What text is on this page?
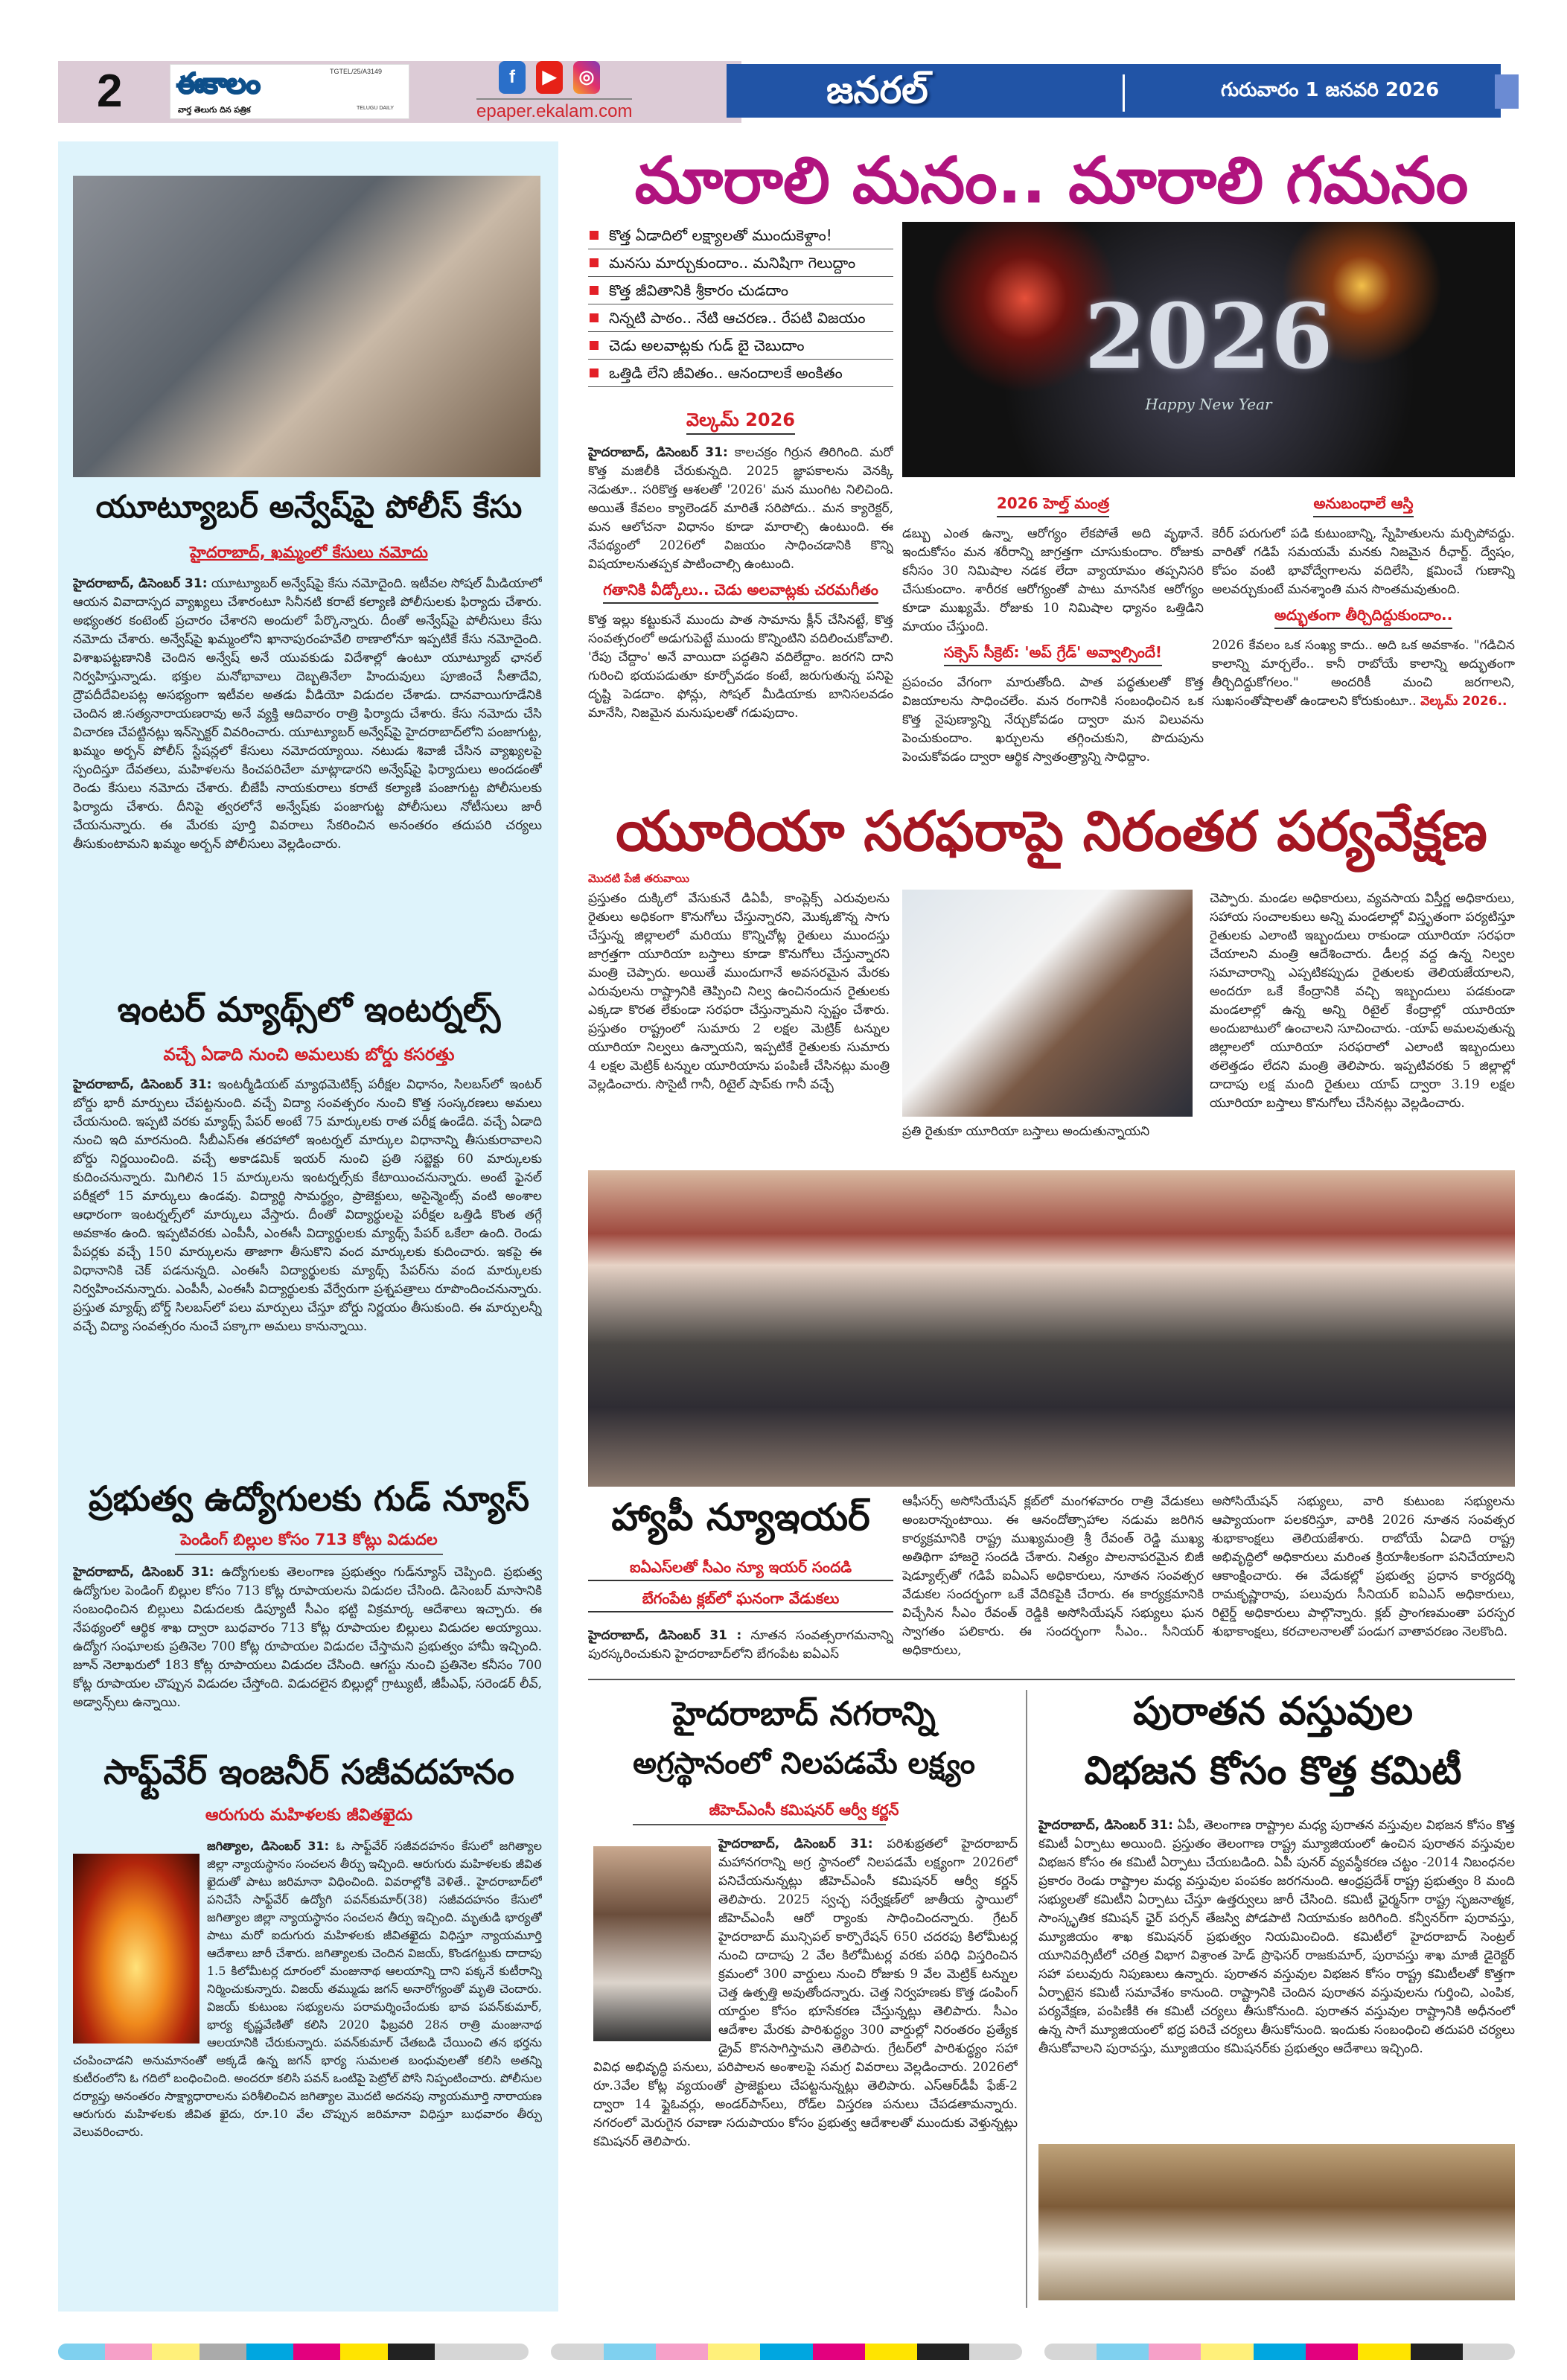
2 ఈకాలం	TGTEL/25/A3149
వార్త తెలుగు దిన పత్రిక	TELUGU DAILY
f	▶	◎
epaper.ekalam.com	జనరల్	గురువారం 1 జనవరి 2026
యూట్యూబర్ అన్వేష్‌పై పోలీస్ కేసు
హైదరాబాద్, ఖమ్మంలో కేసులు నమోదు
హైదరాబాద్, డిసెంబర్ 31: యూట్యూబర్ అన్వేష్‌పై కేసు నమోదైంది. ఇటీవల సోషల్ మీడియాలో ఆయన వివాదాస్పద వ్యాఖ్యలు చేశారంటూ సినీనటి కరాటే కల్యాణి పోలీసులకు ఫిర్యాదు చేశారు. అభ్యంతర కంటెంట్ ప్రచారం చేశారని అందులో పేర్కొన్నారు. దీంతో అన్వేష్‌పై పోలీసులు కేసు నమోదు చేశారు. అన్వేష్‌పై ఖమ్మంలోని ఖానాపురంహవేలి ఠాణాలోనూ ఇప్పటికే కేసు నమోదైంది. విశాఖపట్టణానికి చెందిన అన్వేష్ అనే యువకుడు విదేశాల్లో ఉంటూ యూట్యూబ్ ఛానల్ నిర్వహిస్తున్నాడు. భక్తుల మనోభావాలు దెబ్బతినేలా హిందువులు పూజించే సీతాదేవి, ద్రౌపదీదేవిలపట్ల అసభ్యంగా ఇటీవల అతడు వీడియో విడుదల చేశాడు. దానవాయిగూడేనికి చెందిన జి.సత్యనారాయణరావు అనే వ్యక్తి ఆదివారం రాత్రి ఫిర్యాదు చేశారు. కేసు నమోదు చేసి విచారణ చేపట్టినట్లు ఇన్‌స్పెక్టర్ వివరించారు. యూట్యూబర్ అన్వేష్‌పై హైదరాబాద్‌లోని పంజాగుట్ట, ఖమ్మం అర్బన్ పోలీస్ స్టేషన్లలో కేసులు నమోదయ్యాయి. నటుడు శివాజీ చేసిన వ్యాఖ్యలపై స్పందిస్తూ దేవతలు, మహిళలను కించపరిచేలా మాట్లాడారని అన్వేష్‌పై ఫిర్యాదులు అందడంతో రెండు కేసులు నమోదు చేశారు. బీజేపీ నాయకురాలు కరాటే కల్యాణి పంజాగుట్ట పోలీసులకు ఫిర్యాదు చేశారు. దీనిపై త్వరలోనే అన్వేష్‌కు పంజాగుట్ట పోలీసులు నోటీసులు జారీ చేయనున్నారు. ఈ మేరకు పూర్తి వివరాలు సేకరించిన అనంతరం తదుపరి చర్యలు తీసుకుంటామని ఖమ్మం అర్బన్ పోలీసులు వెల్లడించారు.
ఇంటర్ మ్యాథ్స్‌లో ఇంటర్నల్స్
వచ్చే ఏడాది నుంచి అమలుకు బోర్డు కసరత్తు
హైదరాబాద్, డిసెంబర్ 31: ఇంటర్మీడియట్ మ్యాథమెటిక్స్ పరీక్షల విధానం, సిలబస్‌లో ఇంటర్ బోర్డు భారీ మార్పులు చేపట్టనుంది. వచ్చే విద్యా సంవత్సరం నుంచి కొత్త సంస్కరణలు అమలు చేయనుంది. ఇప్పటి వరకు మ్యాథ్స్ పేపర్ అంటే 75 మార్కులకు రాత పరీక్ష ఉండేది. వచ్చే ఏడాది నుంచి ఇది మారనుంది. సీబీఎస్‌ఈ తరహాలో ఇంటర్నల్ మార్కుల విధానాన్ని తీసుకురావాలని బోర్డు నిర్ణయించింది. వచ్చే అకాడమిక్ ఇయర్ నుంచి ప్రతి సబ్జెక్టు 60 మార్కులకు కుదించనున్నారు. మిగిలిన 15 మార్కులను ఇంటర్నల్స్‌కు కేటాయించనున్నారు. అంటే ఫైనల్ పరీక్షలో 15 మార్కులు ఉండవు. విద్యార్థి సామర్థ్యం, ప్రాజెక్టులు, అసైన్మెంట్స్ వంటి అంశాల ఆధారంగా ఇంటర్నల్స్‌లో మార్కులు వేస్తారు. దీంతో విద్యార్థులపై పరీక్షల ఒత్తిడి కొంత తగ్గే అవకాశం ఉంది. ఇప్పటివరకు ఎంపీసీ, ఎంఈసీ విద్యార్థులకు మ్యాథ్స్ పేపర్ ఒకేలా ఉంది. రెండు పేపర్లకు వచ్చే 150 మార్కులను తాజాగా తీసుకొని వంద మార్కులకు కుదించారు. ఇకపై ఈ విధానానికి చెక్ పడనున్నది. ఎంఈసీ విద్యార్థులకు మ్యాథ్స్ పేపర్‌ను వంద మార్కులకు నిర్వహించనున్నారు. ఎంపీసీ, ఎంఈసీ విద్యార్థులకు వేర్వేరుగా ప్రశ్నపత్రాలు రూపొందించనున్నారు. ప్రస్తుత మ్యాథ్స్ బోర్డ్ సిలబస్‌లో పలు మార్పులు చేస్తూ బోర్డు నిర్ణయం తీసుకుంది. ఈ మార్పులన్నీ వచ్చే విద్యా సంవత్సరం నుంచే పక్కాగా అమలు కానున్నాయి.
ప్రభుత్వ ఉద్యోగులకు గుడ్ న్యూస్
పెండింగ్ బిల్లుల కోసం 713 కోట్లు విడుదల
హైదరాబాద్, డిసెంబర్ 31: ఉద్యోగులకు తెలంగాణ ప్రభుత్వం గుడ్‌న్యూస్ చెప్పింది. ప్రభుత్వ ఉద్యోగుల పెండింగ్ బిల్లుల కోసం 713 కోట్ల రూపాయలను విడుదల చేసింది. డిసెంబర్ మాసానికి సంబంధించిన బిల్లులు విడుదలకు డిప్యూటీ సీఎం భట్టి విక్రమార్క ఆదేశాలు ఇచ్చారు. ఈ నేపథ్యంలో ఆర్థిక శాఖ ద్వారా బుధవారం 713 కోట్ల రూపాయల బిల్లులు విడుదల అయ్యాయి. ఉద్యోగ సంఘాలకు ప్రతినెల 700 కోట్ల రూపాయల విడుదల చేస్తామని ప్రభుత్వం హామీ ఇచ్చింది. జూన్ నెలాఖరులో 183 కోట్ల రూపాయలు విడుదల చేసింది. ఆగస్టు నుంచి ప్రతినెల కనీసం 700 కోట్ల రూపాయల చొప్పున విడుదల చేస్తోంది. విడుదలైన బిల్లుల్లో గ్రాట్యుటీ, జీపీఎఫ్, సరెండర్ లీవ్, అడ్వాన్స్‌లు ఉన్నాయి.
సాఫ్ట్‌వేర్ ఇంజనీర్ సజీవదహనం
ఆరుగురు మహిళలకు జీవితఖైదు
జగిత్యాల, డిసెంబర్ 31: ఓ సాఫ్ట్‌వేర్ సజీవదహనం కేసులో జగిత్యాల జిల్లా న్యాయస్థానం సంచలన తీర్పు ఇచ్చింది. ఆరుగురు మహిళలకు జీవిత ఖైదుతో పాటు జరిమానా విధించింది. వివరాల్లోకి వెళితే.. హైదరాబాద్‌లో పనిచేసే సాఫ్ట్‌వేర్ ఉద్యోగి పవన్‌కుమార్(38) సజీవదహనం కేసులో జగిత్యాల జిల్లా న్యాయస్థానం సంచలన తీర్పు ఇచ్చింది. మృతుడి భార్యతో పాటు మరో ఐదుగురు మహిళలకు జీవితఖైదు విధిస్తూ న్యాయమూర్తి ఆదేశాలు జారీ చేశారు. జగిత్యాలకు చెందిన విజయ్‌, కొండగట్టుకు దాదాపు 1.5 కిలోమీటర్ల దూరంలో మంజునాథ ఆలయాన్ని దాని పక్కనే కుటీరాన్ని నిర్మించుకున్నారు. విజయ్ తమ్ముడు జగన్ అనారోగ్యంతో మృతి చెందారు. విజయ్ కుటుంబ సభ్యులను పరామర్శించేందుకు భావ పవన్‌కుమార్, భార్య కృష్ణవేణితో కలిసి 2020 ఫిబ్రవరి 28న రాత్రి మంజునాథ ఆలయానికి చేరుకున్నారు. పవన్‌కుమార్ చేతబడి చేయించి తన భర్తను చంపించాడని అనుమానంతో అక్కడే ఉన్న జగన్ భార్య సుమలత బంధువులతో కలిసి అతన్ని కుటీరంలోని ఓ గదిలో బంధించింది. అందరూ కలిసి పవన్ ఒంటిపై పెట్రోల్ పోసి నిప్పంటించారు. పోలీసుల దర్యాప్తు అనంతరం సాక్ష్యాధారాలను పరిశీలించిన జగిత్యాల మొదటి అదనపు న్యాయమూర్తి నారాయణ ఆరుగురు మహిళలకు జీవిత ఖైదు, రూ.10 వేల చొప్పున జరిమానా విధిస్తూ బుధవారం తీర్పు వెలువరించారు.
మారాలి మనం.. మారాలి గమనం
కొత్త ఏడాదిలో లక్ష్యాలతో ముందుకెళ్దాం!
మనసు మార్చుకుందాం.. మనిషిగా గెలుద్దాం
కొత్త జీవితానికి శ్రీకారం చుడదాం
నిన్నటి పాఠం.. నేటి ఆచరణ.. రేపటి విజయం
చెడు అలవాట్లకు గుడ్ బై చెబుదాం
ఒత్తిడి లేని జీవితం.. ఆనందాలకే అంకితం	2026
Happy New Year
వెల్కమ్ 2026
హైదరాబాద్, డిసెంబర్ 31: కాలచక్రం గిర్రున తిరిగింది. మరో కొత్త మజిలీకి చేరుకున్నది. 2025 జ్ఞాపకాలను వెనక్కి నెడుతూ.. సరికొత్త ఆశలతో '2026' మన ముంగిట నిలిచింది. అయితే కేవలం క్యాలెండర్ మారితే సరిపోదు.. మన క్యారెక్టర్, మన ఆలోచనా విధానం కూడా మారాల్సి ఉంటుంది. ఈ నేపథ్యంలో 2026లో విజయం సాధించడానికి కొన్ని విషయాలనుతప్పక పాటించాల్సి ఉంటుంది.
గతానికి వీడ్కోలు.. చెడు అలవాట్లకు చరమగీతం
కొత్త ఇల్లు కట్టుకునే ముందు పాత సామాను క్లీన్ చేసినట్టే, కొత్త సంవత్సరంలో అడుగుపెట్టే ముందు కొన్నింటిని వదిలించుకోవాలి. 'రేపు చేద్దాం' అనే వాయిదా పద్ధతిని వదిలేద్దాం. జరగని దాని గురించి భయపడుతూ కూర్చోవడం కంటే, జరుగుతున్న పనిపై దృష్టి పెడదాం. ఫోన్లు, సోషల్ మీడియాకు బానిసలవడం మానేసి, నిజమైన మనుషులతో గడుపుదాం.
2026 హెల్త్ మంత్ర
డబ్బు ఎంత ఉన్నా, ఆరోగ్యం లేకపోతే అది వృథానే. ఇందుకోసం మన శరీరాన్ని జాగ్రత్తగా చూసుకుందాం. రోజుకు కనీసం 30 నిమిషాల నడక లేదా వ్యాయామం తప్పనిసరి చేసుకుందాం. శారీరక ఆరోగ్యంతో పాటు మానసిక ఆరోగ్యం కూడా ముఖ్యమే. రోజుకు 10 నిమిషాల ధ్యానం ఒత్తిడిని మాయం చేస్తుంది.
సక్సెస్ సీక్రెట్: 'అప్ గ్రేడ్' అవ్వాల్సిందే!
ప్రపంచం వేగంగా మారుతోంది. పాత పద్ధతులతో కొత్త విజయాలను సాధించలేం. మన రంగానికి సంబంధించిన ఒక కొత్త నైపుణ్యాన్ని నేర్చుకోవడం ద్వారా మన విలువను పెంచుకుందాం. ఖర్చులను తగ్గించుకుని, పొదుపును పెంచుకోవడం ద్వారా ఆర్థిక స్వాతంత్ర్యాన్ని సాధిద్దాం.
అనుబంధాలే ఆస్తి
కెరీర్ పరుగులో పడి కుటుంబాన్ని, స్నేహితులను మర్చిపోవద్దు. వారితో గడిపే సమయమే మనకు నిజమైన రీఛార్జ్. ద్వేషం, కోపం వంటి భావోద్వేగాలను వదిలేసి, క్షమించే గుణాన్ని అలవర్చుకుంటే మనశ్శాంతి మన సొంతమవుతుంది.
అద్భుతంగా తీర్చిదిద్దుకుందాం..
2026 కేవలం ఒక సంఖ్య కాదు.. అది ఒక అవకాశం. "గడిచిన కాలాన్ని మార్చలేం.. కానీ రాబోయే కాలాన్ని అద్భుతంగా తీర్చిదిద్దుకోగలం." అందరికీ మంచి జరగాలని, సుఖసంతోషాలతో ఉండాలని కోరుకుంటూ.. వెల్కమ్ 2026..
యూరియా సరఫరాపై నిరంతర పర్యవేక్షణ
మొదటి పేజీ తరువాయి
ప్రస్తుతం దుక్కిలో వేసుకునే డిఏపీ, కాంప్లెక్స్ ఎరువులను రైతులు అధికంగా కొనుగోలు చేస్తున్నారని, మొక్కజొన్న సాగు చేస్తున్న జిల్లాలలో మరియు కొన్నిచోట్ల రైతులు ముందస్తు జాగ్రత్తగా యూరియా బస్తాలు కూడా కొనుగోలు చేస్తున్నారని మంత్రి చెప్పారు. అయితే ముందుగానే అవసరమైన మేరకు ఎరువులను రాష్ట్రానికి తెప్పించి నిల్వ ఉంచినందున రైతులకు ఎక్కడా కొరత లేకుండా సరఫరా చేస్తున్నామని స్పష్టం చేశారు. ప్రస్తుతం రాష్ట్రంలో సుమారు 2 లక్షల మెట్రిక్ టన్నుల యూరియా నిల్వలు ఉన్నాయని, ఇప్పటికే రైతులకు సుమారు 4 లక్షల మెట్రిక్ టన్నుల యూరియాను పంపిణీ చేసినట్లు మంత్రి వెల్లడించారు. సొసైటీ గానీ, రిటైల్ షాప్‌కు గానీ వచ్చే
ప్రతి రైతుకూ యూరియా బస్తాలు అందుతున్నాయని
చెప్పారు. మండల అధికారులు, వ్యవసాయ విస్తీర్ణ అధికారులు, సహాయ సంచాలకులు అన్ని మండలాల్లో విస్తృతంగా పర్యటిస్తూ రైతులకు ఎలాంటి ఇబ్బందులు రాకుండా యూరియా సరఫరా చేయాలని మంత్రి ఆదేశించారు. డీలర్ల వద్ద ఉన్న నిల్వల సమాచారాన్ని ఎప్పటికప్పుడు రైతులకు తెలియజేయాలని, అందరూ ఒకే కేంద్రానికి వచ్చి ఇబ్బందులు పడకుండా మండలాల్లో ఉన్న అన్ని రిటైల్ కేంద్రాల్లో యూరియా అందుబాటులో ఉంచాలని సూచించారు. -యాప్ అమలవుతున్న జిల్లాలలో యూరియా సరఫరాలో ఎలాంటి ఇబ్బందులు తలెత్తడం లేదని మంత్రి తెలిపారు. ఇప్పటివరకు 5 జిల్లాల్లో దాదాపు లక్ష మంది రైతులు యాప్ ద్వారా 3.19 లక్షల యూరియా బస్తాలు కొనుగోలు చేసినట్లు వెల్లడించారు.
హ్యాపీ న్యూఇయర్
ఐఏఎస్‌లతో సీఎం న్యూ ఇయర్ సందడి
బేగంపేట క్లబ్‌లో ఘనంగా వేడుకలు
హైదరాబాద్, డిసెంబర్ 31 : నూతన సంవత్సరాగమనాన్ని పురస్కరించుకుని హైదరాబాద్‌లోని బేగంపేట ఐఏఎస్
ఆఫీసర్స్ అసోసియేషన్ క్లబ్‌లో మంగళవారం రాత్రి వేడుకలు అంబరాన్నంటాయి. ఈ ఆనందోత్సాహాల నడుమ జరిగిన కార్యక్రమానికి రాష్ట్ర ముఖ్యమంత్రి శ్రీ రేవంత్ రెడ్డి ముఖ్య అతిథిగా హాజరై సందడి చేశారు. నిత్యం పాలనాపరమైన బిజీ షెడ్యూల్స్‌తో గడిపే ఐఏఎస్ అధికారులు, నూతన సంవత్సర వేడుకల సందర్భంగా ఒకే వేదికపైకి చేరారు. ఈ కార్యక్రమానికి విచ్చేసిన సీఎం రేవంత్ రెడ్డికి అసోసియేషన్ సభ్యులు ఘన స్వాగతం పలికారు. ఈ సందర్భంగా సీఎం.. సీనియర్ అధికారులు,
అసోసియేషన్ సభ్యులు, వారి కుటుంబ సభ్యులను ఆప్యాయంగా పలకరిస్తూ, వారికి 2026 నూతన సంవత్సర శుభాకాంక్షలు తెలియజేశారు. రాబోయే ఏడాది రాష్ట్ర అభివృద్ధిలో అధికారులు మరింత క్రియాశీలకంగా పనిచేయాలని ఆకాంక్షించారు. ఈ వేడుకల్లో ప్రభుత్వ ప్రధాన కార్యదర్శి రామకృష్ణారావు, పలువురు సీనియర్ ఐఏఎస్ అధికారులు, రిటైర్డ్ అధికారులు పాల్గొన్నారు. క్లబ్ ప్రాంగణమంతా పరస్పర శుభాకాంక్షలు, కరచాలనాలతో పండుగ వాతావరణం నెలకొంది.
హైదరాబాద్ నగరాన్ని
అగ్రస్థానంలో నిలపడమే లక్ష్యం
జీహెచ్‌ఎంసీ కమిషనర్ ఆర్వీ కర్ణన్
హైదరాబాద్, డిసెంబర్ 31: పరిశుభ్రతలో హైదరాబాద్ మహానగరాన్ని అగ్ర స్థానంలో నిలపడమే లక్ష్యంగా 2026లో పనిచేయనున్నట్లు జీహెచ్‌ఎంసీ కమిషనర్ ఆర్వీ కర్ణన్ తెలిపారు. 2025 స్వచ్ఛ సర్వేక్షణ్‌లో జాతీయ స్థాయిలో జీహెచ్‌ఎంసీ ఆరో ర్యాంకు సాధించిందన్నారు. గ్రేటర్ హైదరాబాద్ మున్సిపల్ కార్పొరేషన్ 650 చదరపు కిలోమీటర్ల నుంచి దాదాపు 2 వేల కిలోమీటర్ల వరకు పరిధి విస్తరించిన క్రమంలో 300 వార్డులు నుంచి రోజుకు 9 వేల మెట్రిక్ టన్నుల చెత్త ఉత్పత్తి అవుతోందన్నారు. చెత్త నిర్వహణకు కొత్త డంపింగ్ యార్డుల కోసం భూసేకరణ చేస్తున్నట్లు తెలిపారు. సీఎం ఆదేశాల మేరకు పారిశుద్ధ్యం 300 వార్డుల్లో నిరంతరం ప్రత్యేక డ్రైవ్ కొనసాగిస్తామని తెలిపారు. గ్రేటర్‌లో పారిశుద్ధ్యం సహా వివిధ అభివృద్ధి పనులు, పరిపాలన అంశాలపై సమగ్ర వివరాలు వెల్లడించారు. 2026లో రూ.3వేల కోట్ల వ్యయంతో ప్రాజెక్టులు చేపట్టనున్నట్లు తెలిపారు. ఎస్‌ఆర్‌డీపీ ఫేజ్-2 ద్వారా 14 ఫ్లైఓవర్లు, అండర్‌పాస్‌లు, రోడ్‌ల విస్తరణ పనులు చేపడతామన్నారు. నగరంలో మెరుగైన రవాణా సదుపాయం కోసం ప్రభుత్వ ఆదేశాలతో ముందుకు వెళ్తున్నట్లు కమిషనర్ తెలిపారు.
పురాతన వస్తువుల
విభజన కోసం కొత్త కమిటీ
హైదరాబాద్, డిసెంబర్ 31: ఏపీ, తెలంగాణ రాష్ట్రాల మధ్య పురాతన వస్తువుల విభజన కోసం కొత్త కమిటీ ఏర్పాటు అయింది. ప్రస్తుతం తెలంగాణ రాష్ట్ర మ్యూజియంలో ఉంచిన పురాతన వస్తువుల విభజన కోసం ఈ కమిటీ ఏర్పాటు చేయబడింది. ఏపీ పునర్ వ్యవస్థీకరణ చట్టం -2014 నిబంధనల ప్రకారం రెండు రాష్ట్రాల మధ్య వస్తువుల పంపకం జరగనుంది. ఆంధ్రప్రదేశ్ రాష్ట్ర ప్రభుత్వం 8 మంది సభ్యులతో కమిటీని ఏర్పాటు చేస్తూ ఉత్తర్వులు జారీ చేసింది. కమిటీ ఛైర్మన్‌గా రాష్ట్ర సృజనాత్మక, సాంస్కృతిక కమిషన్ ఛైర్ పర్సన్ తేజస్వి పోడపాటి నియామకం జరిగింది. కన్వీనర్‌గా పురావస్తు, మ్యూజియం శాఖ కమిషనర్ ప్రభుత్వం నియమించింది. కమిటీలో హైదరాబాద్ సెంట్రల్ యూనివర్సిటీలో చరిత్ర విభాగ విశ్రాంత హెడ్ ప్రొఫెసర్ రాజకుమార్, పురావస్తు శాఖ మాజీ డైరెక్టర్ సహా పలువురు నిపుణులు ఉన్నారు. పురాతన వస్తువుల విభజన కోసం రాష్ట్ర కమిటీలతో కొత్తగా ఏర్పాటైన కమిటీ సమావేశం కానుంది. రాష్ట్రానికి చెందిన పురాతన వస్తువులను గుర్తించి, ఎంపిక, పర్యవేక్షణ, పంపిణీకి ఈ కమిటీ చర్యలు తీసుకోనుంది. పురాతన వస్తువుల రాష్ట్రానికి అధీనంలో ఉన్న సాగే మ్యూజియంలో భద్ర పరిచే చర్యలు తీసుకోనుంది. ఇందుకు సంబంధించి తదుపరి చర్యలు తీసుకోవాలని పురావస్తు, మ్యూజియం కమిషనర్‌కు ప్రభుత్వం ఆదేశాలు ఇచ్చింది.
